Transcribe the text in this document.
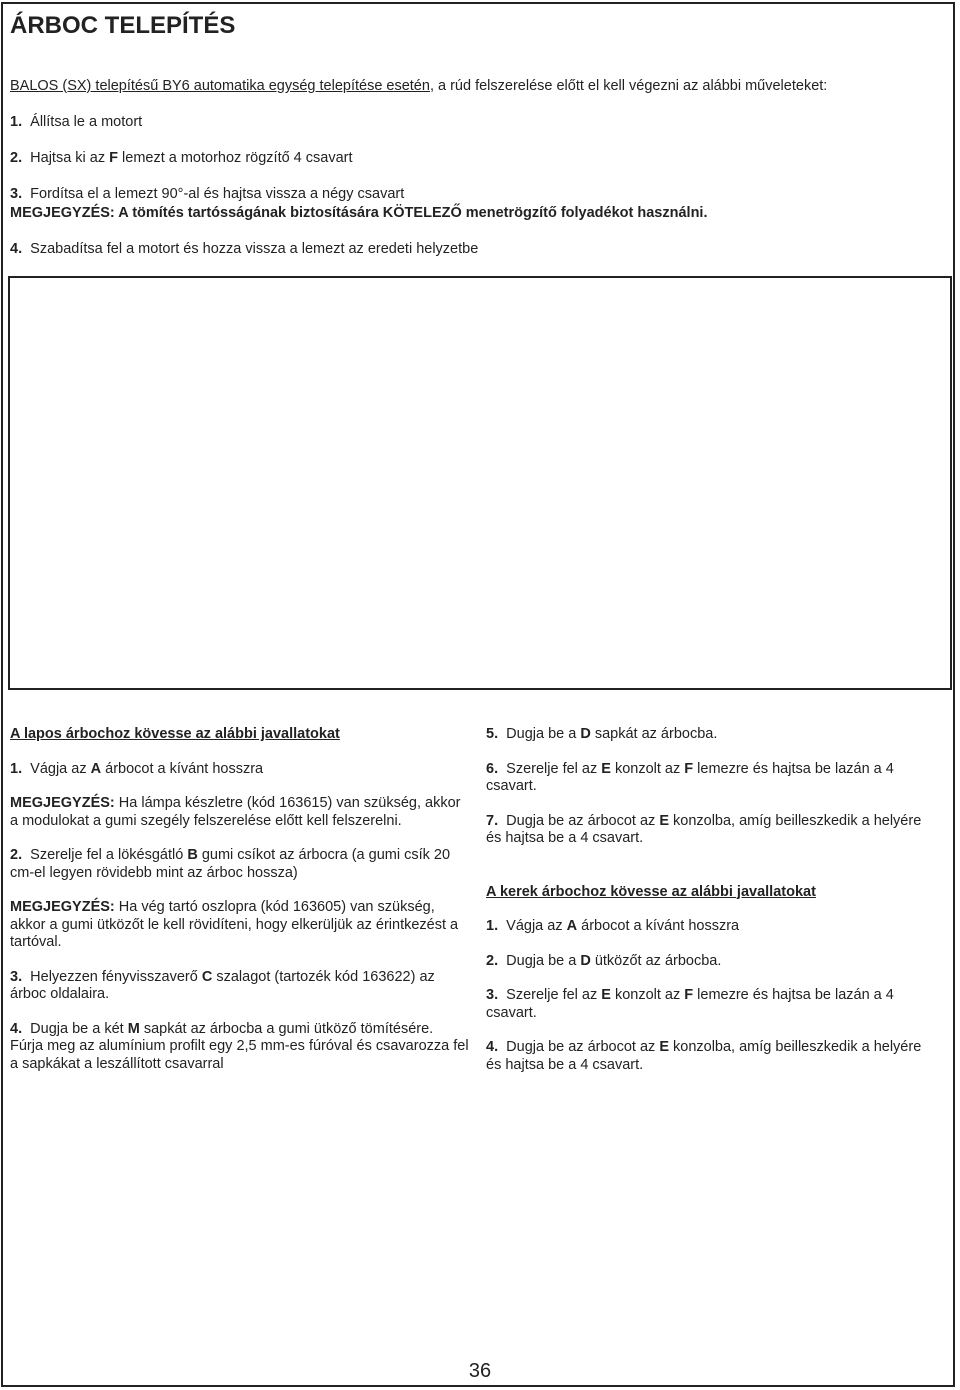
ÁRBOC TELEPÍTÉS
BALOS (SX) telepítésű BY6 automatika egység telepítése esetén, a rúd felszerelése előtt el kell végezni az alábbi műveleteket:
1. Állítsa le a motort
2. Hajtsa ki az F lemezt a motorhoz rögzítő 4 csavart
3. Fordítsa el a lemezt 90°-al és hajtsa vissza a négy csavart
MEGJEGYZÉS: A tömítés tartósságának biztosítására KÖTELEZŐ menetrögzítő folyadékot használni.
4. Szabadítsa fel a motort és hozza vissza a lemezt az eredeti helyzetbe

A lapos árbochoz kövesse az alábbi javallatokat

1. Vágja az A árbocot a kívánt hosszra

MEGJEGYZÉS: Ha lámpa készletre (kód 163615) van szükség, akkor a modulokat a gumi szegély felszerelése előtt kell felszerelni.

2. Szerelje fel a lökésgátló B gumi csíkot az árbocra (a gumi csík 20 cm-el legyen rövidebb mint az árboc hossza)

MEGJEGYZÉS: Ha vég tartó oszlopra (kód 163605) van szükség, akkor a gumi ütközőt le kell rövidíteni, hogy elkerüljük az érintkezést a tartóval.

3. Helyezzen fényvisszaverő C szalagot (tartozék kód 163622) az árboc oldalaira.

4. Dugja be a két M sapkát az árbocba a gumi ütköző tömítésére.

Fúrja meg az alumínium profilt egy 2,5 mm-es fúróval és csavarozza fel a sapkákat a leszállított csavarral

5. Dugja be a D sapkát az árbocba.

6. Szerelje fel az E konzolt az F lemezre és hajtsa be lazán a 4 csavart.

7. Dugja be az árbocot az E konzolba, amíg beilleszkedik a helyére és hajtsa be a 4 csavart.

A kerek árbochoz kövesse az alábbi javallatokat

1. Vágja az A árbocot a kívánt hosszra

2. Dugja be a D ütközőt az árbocba.

3. Szerelje fel az E konzolt az F lemezre és hajtsa be lazán a 4 csavart.

4. Dugja be az árbocot az E konzolba, amíg beilleszkedik a helyére és hajtsa be a 4 csavart.

36
